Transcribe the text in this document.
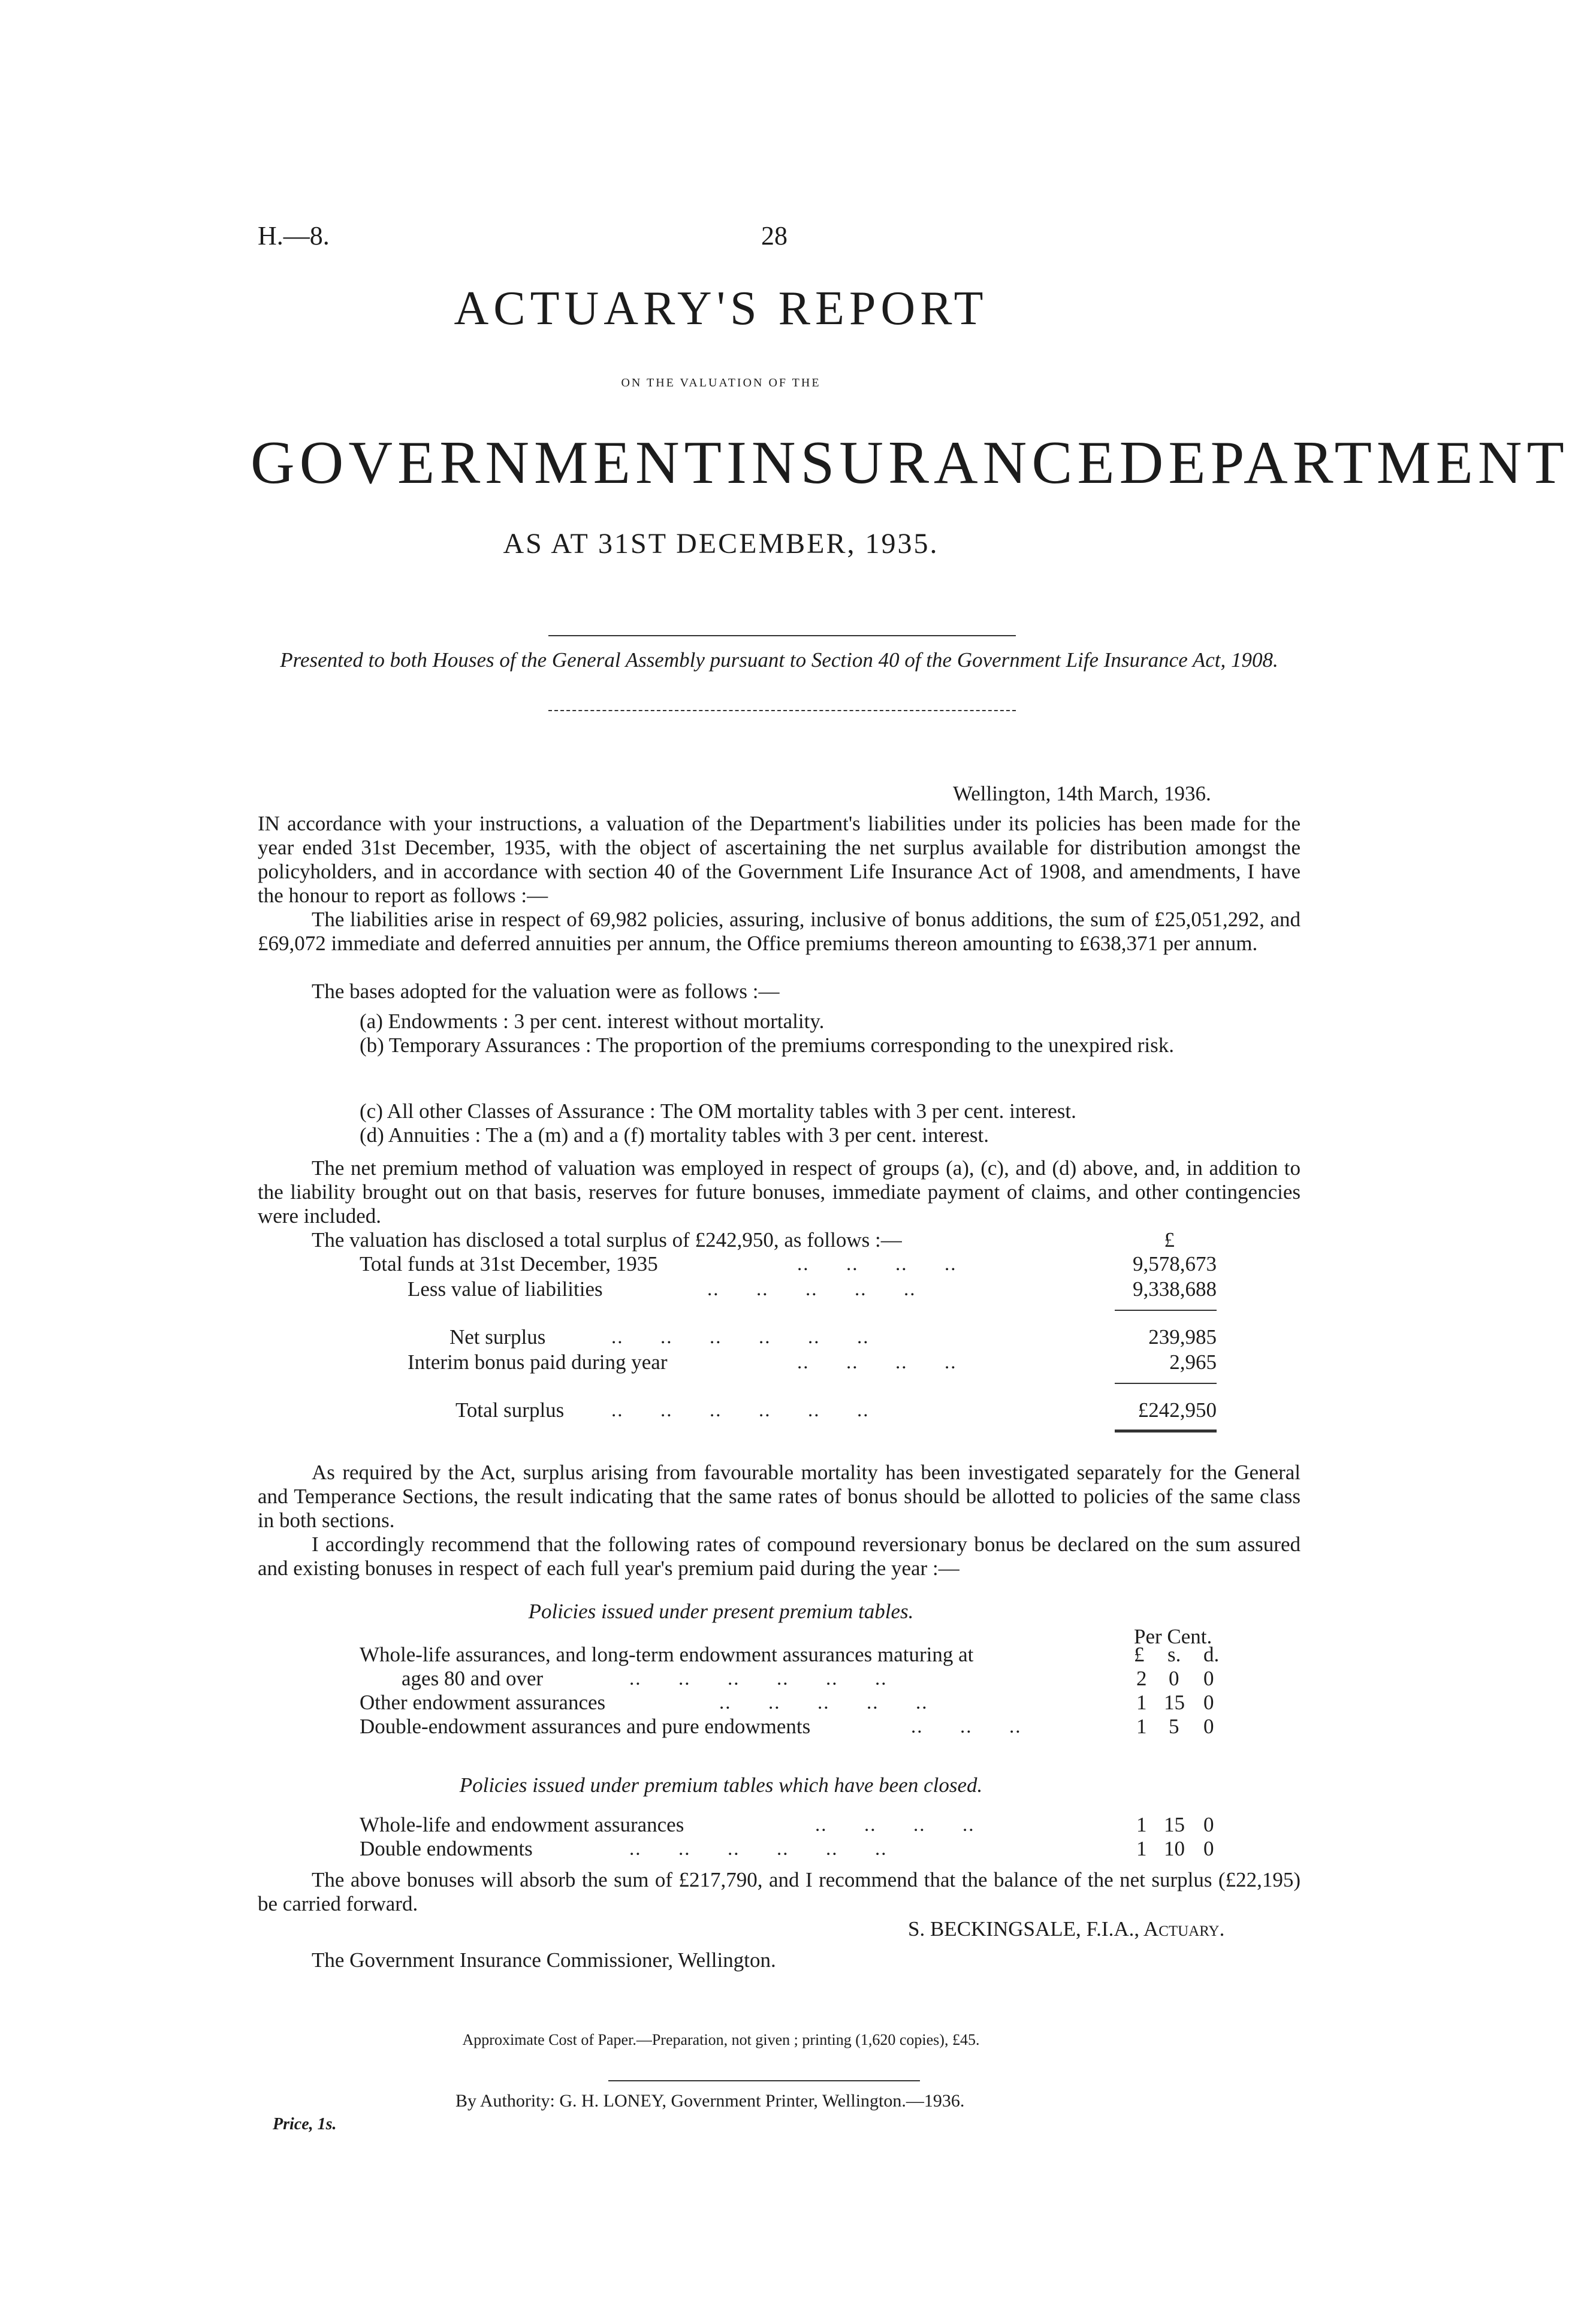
H.—8.	28
ACTUARY'S REPORT
ON THE VALUATION OF THE
GOVERNMENT INSURANCE DEPARTMENT
AS AT 31ST DECEMBER, 1935.
Presented to both Houses of the General Assembly pursuant to Section 40 of the Government Life Insurance Act, 1908.
Wellington, 14th March, 1936.
IN accordance with your instructions, a valuation of the Department's liabilities under its policies has been made for the year ended 31st December, 1935, with the object of ascertaining the net surplus available for distribution amongst the policyholders, and in accordance with section 40 of the Government Life Insurance Act of 1908, and amendments, I have the honour to report as follows :—
The liabilities arise in respect of 69,982 policies, assuring, inclusive of bonus additions, the sum of £25,051,292, and £69,072 immediate and deferred annuities per annum, the Office premiums thereon amounting to £638,371 per annum.
The bases adopted for the valuation were as follows :—
(a) Endowments : 3 per cent. interest without mortality.
(b) Temporary Assurances : The proportion of the premiums corresponding to the unexpired risk.
(c) All other Classes of Assurance : The OM mortality tables with 3 per cent. interest.
(d) Annuities : The a (m) and a (f) mortality tables with 3 per cent. interest.
The net premium method of valuation was employed in respect of groups (a), (c), and (d) above, and, in addition to the liability brought out on that basis, reserves for future bonuses, immediate payment of claims, and other contingencies were included.
The valuation has disclosed a total surplus of £242,950, as follows :—	£
Total funds at 31st December, 1935	..      ..      ..      ..	9,578,673
Less value of liabilities	..      ..      ..      ..      ..	9,338,688
Net surplus	..      ..      ..      ..      ..      ..	239,985
Interim bonus paid during year	..      ..      ..      ..	2,965
Total surplus	..      ..      ..      ..      ..      ..	£242,950
As required by the Act, surplus arising from favourable mortality has been investigated separately for the General and Temperance Sections, the result indicating that the same rates of bonus should be allotted to policies of the same class in both sections.
I accordingly recommend that the following rates of compound reversionary bonus be declared on the sum assured and existing bonuses in respect of each full year's premium paid during the year :—
Policies issued under present premium tables.
Per Cent.
£ s. d.
Whole-life assurances, and long-term endowment assurances maturing at
ages 80 and over	..      ..      ..      ..      ..      ..	2 0 0
Other endowment assurances	..      ..      ..      ..      ..	1 15 0
Double-endowment assurances and pure endowments	..      ..      ..	1 5 0
Policies issued under premium tables which have been closed.
Whole-life and endowment assurances	..      ..      ..      ..	1 15 0
Double endowments	..      ..      ..      ..      ..      ..	1 10 0
The above bonuses will absorb the sum of £217,790, and I recommend that the balance of the net surplus (£22,195) be carried forward.
S. BECKINGSALE, F.I.A., Actuary.
The Government Insurance Commissioner, Wellington.
Approximate Cost of Paper.—Preparation, not given ; printing (1,620 copies), £45.
By Authority: G. H. LONEY, Government Printer, Wellington.—1936.
Price, 1s.
